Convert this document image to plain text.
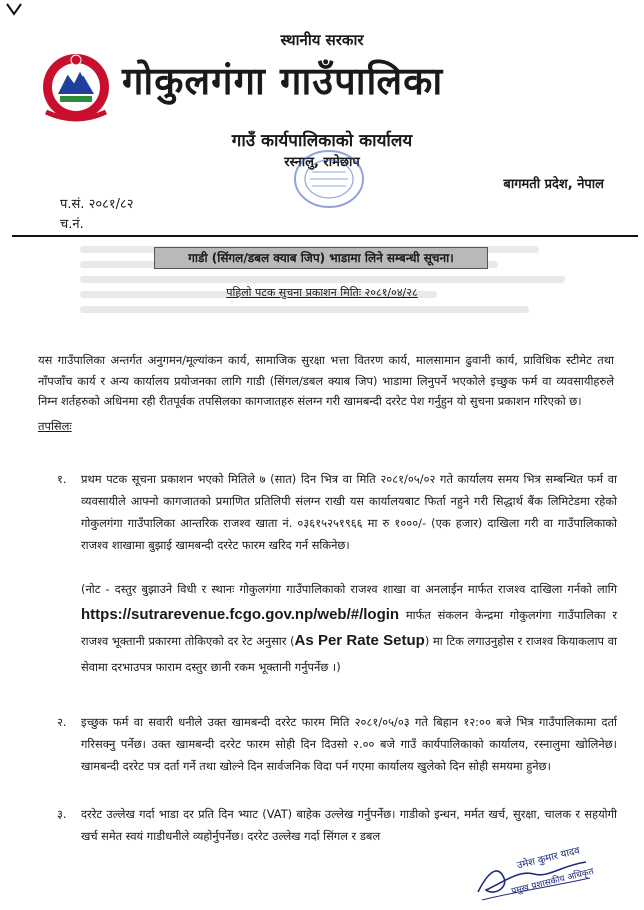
स्थानीय सरकार
गोकुलगंगा गाउँपालिका
गाउँ कार्यपालिकाको कार्यालय
रस्नालु, रामेछाप
बागमती प्रदेश, नेपाल
प.सं. २०८१/८२
च.नं.
गाडी (सिंगल/डबल क्याब जिप) भाडामा लिने सम्बन्धी सूचना।
पहिलो पटक सुचना प्रकाशन मितिः २०८१/०४/२८
यस गाउँपालिका अन्तर्गत अनुगमन/मूल्यांकन कार्य, सामाजिक सुरक्षा भत्ता वितरण कार्य, मालसामान ढुवानी कार्य, प्राविधिक स्टीमेट तथा नाँपजाँच कार्य र अन्य कार्यालय प्रयोजनका लागि गाडी (सिंगल/डबल क्याब जिप) भाडामा लिनुपर्ने भएकोले इच्छुक फर्म वा व्यवसायीहरुले निम्न शर्तहरुको अधिनमा रही रीतपूर्वक तपसिलका कागजातहरु संलग्न गरी खामबन्दी दररेट पेश गर्नुहुन यो सुचना प्रकाशन गरिएको छ।
तपसिलः
१.	प्रथम पटक सूचना प्रकाशन भएको मितिले ७ (सात) दिन भित्र वा मिति २०८१/०५/०२ गते कार्यालय समय भित्र सम्बन्धित फर्म वा व्यवसायीले आफ्नो कागजातको प्रमाणित प्रतिलिपी संलग्न राखी यस कार्यालयबाट फिर्ता नहुने गरी सिद्धार्थ बैंक लिमिटेडमा रहेको गोकुलगंगा गाउँपालिका आन्तरिक राजश्व खाता नं. ०३६१५२५१९६६ मा रु १०००/- (एक हजार) दाखिला गरी वा गाउँपालिकाको राजश्व शाखामा बुझाई खामबन्दी दररेट फारम खरिद गर्न सकिनेछ।
(नोट - दस्तुर बुझाउने विधी र स्थानः गोकुलगंगा गाउँपालिकाको राजश्व शाखा वा अनलाईन मार्फत राजश्व दाखिला गर्नको लागि https://sutrarevenue.fcgo.gov.np/web/#/login मार्फत संकलन केन्द्रमा गोकुलगंगा गाउँपालिका र राजश्व भूक्तानी प्रकारमा तोकिएको दर रेट अनुसार (As Per Rate Setup) मा टिक लगाउनुहोस र राजश्व कियाकलाप वा सेवामा दरभाउपत्र फाराम दस्तुर छानी रकम भूक्तानी गर्नुपर्नेछ ।)
२.	इच्छुक फर्म वा सवारी धनीले उक्त खामबन्दी दररेट फारम मिति २०८१/०५/०३ गते बिहान १२:०० बजे भित्र गाउँपालिकामा दर्ता गरिसक्नु पर्नेछ। उक्त खामबन्दी दररेट फारम सोही दिन दिउसो २.०० बजे गाउँ कार्यपालिकाको कार्यालय, रस्नालुमा खोलिनेछ। खामबन्दी दररेट पत्र दर्ता गर्ने तथा खोल्ने दिन सार्वजनिक विदा पर्न गएमा कार्यालय खुलेको दिन सोही समयमा हुनेछ।
३.	दररेट उल्लेख गर्दा भाडा दर प्रति दिन भ्याट (VAT) बाहेक उल्लेख गर्नुपर्नेछ। गाडीको इन्धन, मर्मत खर्च, सुरक्षा, चालक र सहयोगी खर्च समेत स्वयं गाडीधनीले व्यहोर्नुपर्नेछ। दररेट उल्लेख गर्दा सिंगल र डबल
उमेश कुमार यादव
प्रमुख प्रशासकीय अधिकृत
